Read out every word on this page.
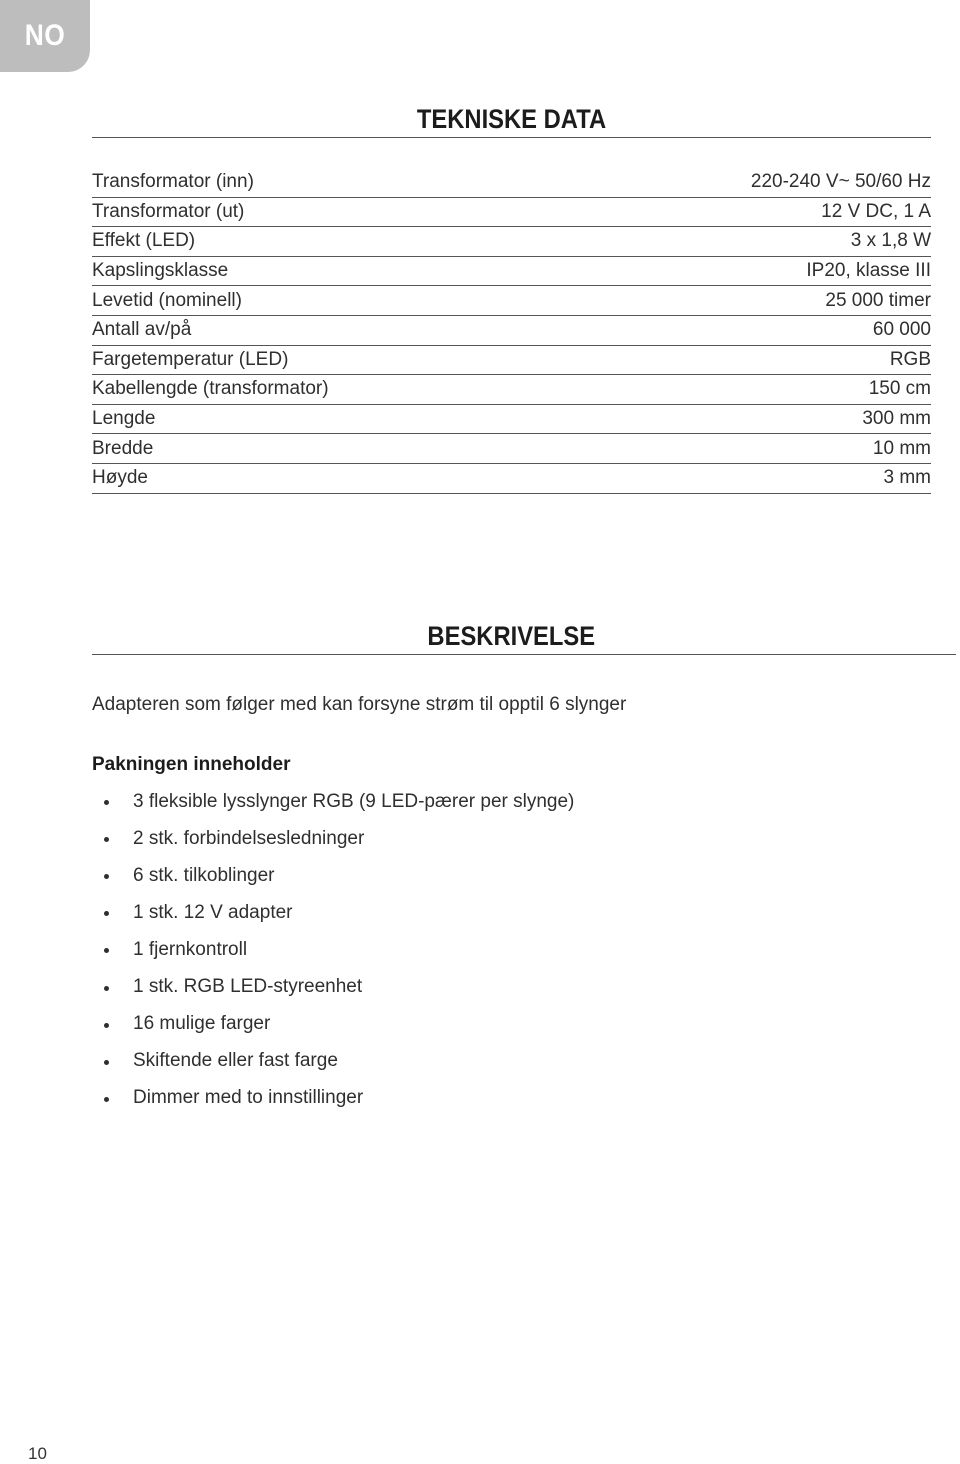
NO
TEKNISKE DATA
Transformator (inn)	220-240 V~ 50/60 Hz
Transformator (ut)	12 V DC, 1 A
Effekt (LED)	3 x 1,8 W
Kapslingsklasse	IP20, klasse III
Levetid (nominell)	25 000 timer
Antall av/på	60 000
Fargetemperatur (LED)	RGB
Kabellengde (transformator)	150 cm
Lengde	300 mm
Bredde	10 mm
Høyde	3 mm
BESKRIVELSE
Adapteren som følger med kan forsyne strøm til opptil 6 slynger
Pakningen inneholder
3 fleksible lysslynger RGB (9 LED-pærer per slynge)
2 stk. forbindelsesledninger
6 stk. tilkoblinger
1 stk. 12 V adapter
1 fjernkontroll
1 stk. RGB LED-styreenhet
16 mulige farger
Skiftende eller fast farge
Dimmer med to innstillinger
10
